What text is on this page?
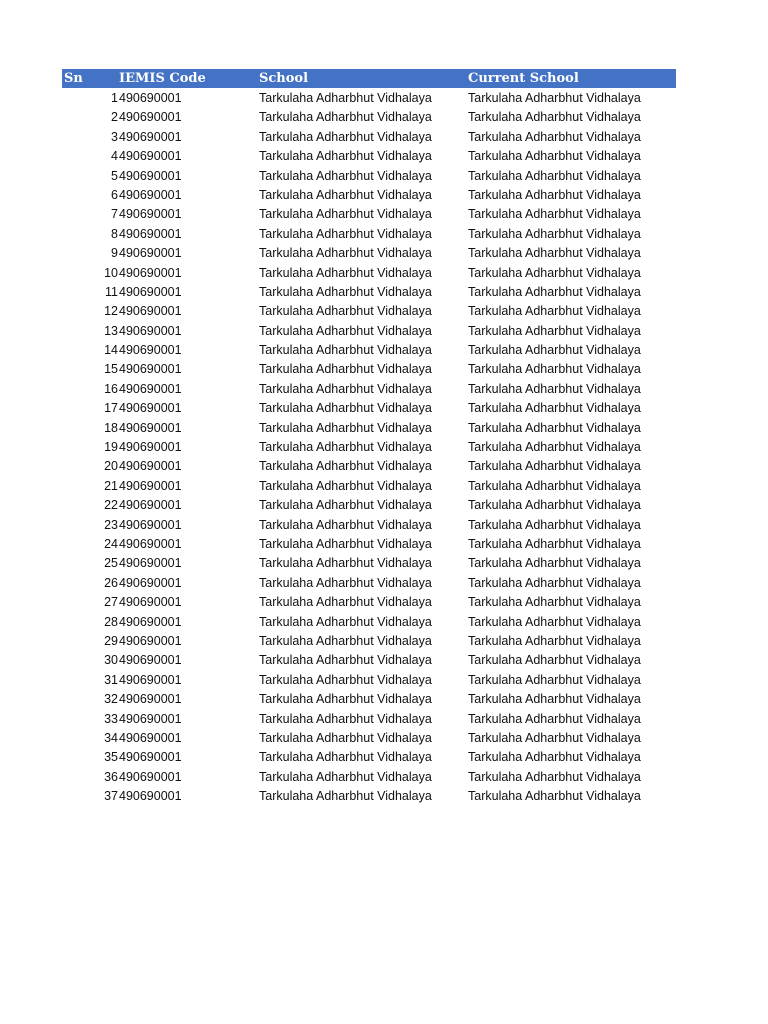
Sn	IEMIS Code	School	Current School
1 490690001	Tarkulaha Adharbhut Vidhalaya	Tarkulaha Adharbhut Vidhalaya
2 490690001	Tarkulaha Adharbhut Vidhalaya	Tarkulaha Adharbhut Vidhalaya
3 490690001	Tarkulaha Adharbhut Vidhalaya	Tarkulaha Adharbhut Vidhalaya
4 490690001	Tarkulaha Adharbhut Vidhalaya	Tarkulaha Adharbhut Vidhalaya
5 490690001	Tarkulaha Adharbhut Vidhalaya	Tarkulaha Adharbhut Vidhalaya
6 490690001	Tarkulaha Adharbhut Vidhalaya	Tarkulaha Adharbhut Vidhalaya
7 490690001	Tarkulaha Adharbhut Vidhalaya	Tarkulaha Adharbhut Vidhalaya
8 490690001	Tarkulaha Adharbhut Vidhalaya	Tarkulaha Adharbhut Vidhalaya
9 490690001	Tarkulaha Adharbhut Vidhalaya	Tarkulaha Adharbhut Vidhalaya
10 490690001	Tarkulaha Adharbhut Vidhalaya	Tarkulaha Adharbhut Vidhalaya
11 490690001	Tarkulaha Adharbhut Vidhalaya	Tarkulaha Adharbhut Vidhalaya
12 490690001	Tarkulaha Adharbhut Vidhalaya	Tarkulaha Adharbhut Vidhalaya
13 490690001	Tarkulaha Adharbhut Vidhalaya	Tarkulaha Adharbhut Vidhalaya
14 490690001	Tarkulaha Adharbhut Vidhalaya	Tarkulaha Adharbhut Vidhalaya
15 490690001	Tarkulaha Adharbhut Vidhalaya	Tarkulaha Adharbhut Vidhalaya
16 490690001	Tarkulaha Adharbhut Vidhalaya	Tarkulaha Adharbhut Vidhalaya
17 490690001	Tarkulaha Adharbhut Vidhalaya	Tarkulaha Adharbhut Vidhalaya
18 490690001	Tarkulaha Adharbhut Vidhalaya	Tarkulaha Adharbhut Vidhalaya
19 490690001	Tarkulaha Adharbhut Vidhalaya	Tarkulaha Adharbhut Vidhalaya
20 490690001	Tarkulaha Adharbhut Vidhalaya	Tarkulaha Adharbhut Vidhalaya
21 490690001	Tarkulaha Adharbhut Vidhalaya	Tarkulaha Adharbhut Vidhalaya
22 490690001	Tarkulaha Adharbhut Vidhalaya	Tarkulaha Adharbhut Vidhalaya
23 490690001	Tarkulaha Adharbhut Vidhalaya	Tarkulaha Adharbhut Vidhalaya
24 490690001	Tarkulaha Adharbhut Vidhalaya	Tarkulaha Adharbhut Vidhalaya
25 490690001	Tarkulaha Adharbhut Vidhalaya	Tarkulaha Adharbhut Vidhalaya
26 490690001	Tarkulaha Adharbhut Vidhalaya	Tarkulaha Adharbhut Vidhalaya
27 490690001	Tarkulaha Adharbhut Vidhalaya	Tarkulaha Adharbhut Vidhalaya
28 490690001	Tarkulaha Adharbhut Vidhalaya	Tarkulaha Adharbhut Vidhalaya
29 490690001	Tarkulaha Adharbhut Vidhalaya	Tarkulaha Adharbhut Vidhalaya
30 490690001	Tarkulaha Adharbhut Vidhalaya	Tarkulaha Adharbhut Vidhalaya
31 490690001	Tarkulaha Adharbhut Vidhalaya	Tarkulaha Adharbhut Vidhalaya
32 490690001	Tarkulaha Adharbhut Vidhalaya	Tarkulaha Adharbhut Vidhalaya
33 490690001	Tarkulaha Adharbhut Vidhalaya	Tarkulaha Adharbhut Vidhalaya
34 490690001	Tarkulaha Adharbhut Vidhalaya	Tarkulaha Adharbhut Vidhalaya
35 490690001	Tarkulaha Adharbhut Vidhalaya	Tarkulaha Adharbhut Vidhalaya
36 490690001	Tarkulaha Adharbhut Vidhalaya	Tarkulaha Adharbhut Vidhalaya
37 490690001	Tarkulaha Adharbhut Vidhalaya	Tarkulaha Adharbhut Vidhalaya
